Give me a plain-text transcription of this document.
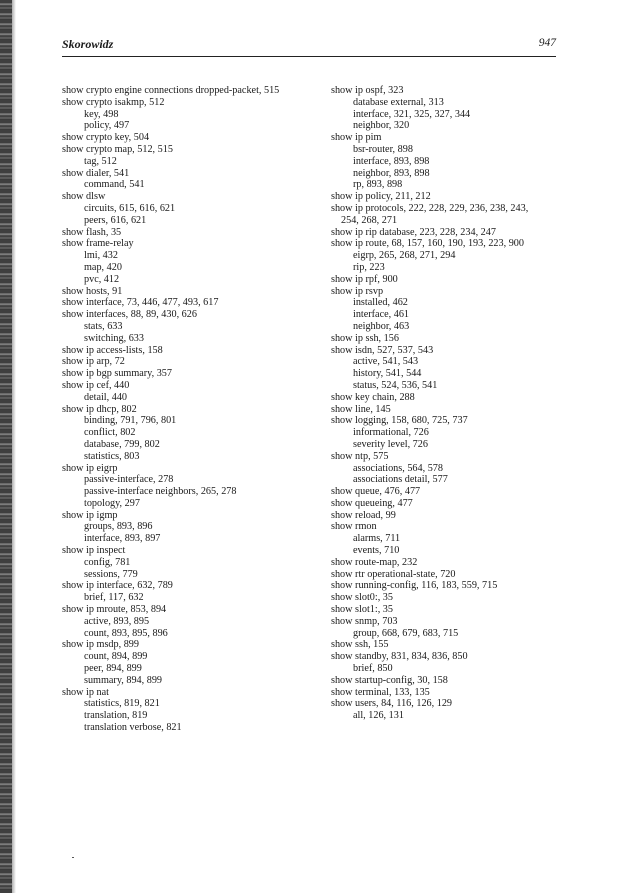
Skorowidz	947
show crypto engine connections dropped-packet, 515
show crypto isakmp, 512
key, 498
policy, 497
show crypto key, 504
show crypto map, 512, 515
tag, 512
show dialer, 541
command, 541
show dlsw
circuits, 615, 616, 621
peers, 616, 621
show flash, 35
show frame-relay
lmi, 432
map, 420
pvc, 412
show hosts, 91
show interface, 73, 446, 477, 493, 617
show interfaces, 88, 89, 430, 626
stats, 633
switching, 633
show ip access-lists, 158
show ip arp, 72
show ip bgp summary, 357
show ip cef, 440
detail, 440
show ip dhcp, 802
binding, 791, 796, 801
conflict, 802
database, 799, 802
statistics, 803
show ip eigrp
passive-interface, 278
passive-interface neighbors, 265, 278
topology, 297
show ip igmp
groups, 893, 896
interface, 893, 897
show ip inspect
config, 781
sessions, 779
show ip interface, 632, 789
brief, 117, 632
show ip mroute, 853, 894
active, 893, 895
count, 893, 895, 896
show ip msdp, 899
count, 894, 899
peer, 894, 899
summary, 894, 899
show ip nat
statistics, 819, 821
translation, 819
translation verbose, 821
show ip ospf, 323
database external, 313
interface, 321, 325, 327, 344
neighbor, 320
show ip pim
bsr-router, 898
interface, 893, 898
neighbor, 893, 898
rp, 893, 898
show ip policy, 211, 212
show ip protocols, 222, 228, 229, 236, 238, 243,
254, 268, 271
show ip rip database, 223, 228, 234, 247
show ip route, 68, 157, 160, 190, 193, 223, 900
eigrp, 265, 268, 271, 294
rip, 223
show ip rpf, 900
show ip rsvp
installed, 462
interface, 461
neighbor, 463
show ip ssh, 156
show isdn, 527, 537, 543
active, 541, 543
history, 541, 544
status, 524, 536, 541
show key chain, 288
show line, 145
show logging, 158, 680, 725, 737
informational, 726
severity level, 726
show ntp, 575
associations, 564, 578
associations detail, 577
show queue, 476, 477
show queueing, 477
show reload, 99
show rmon
alarms, 711
events, 710
show route-map, 232
show rtr operational-state, 720
show running-config, 116, 183, 559, 715
show slot0:, 35
show slot1:, 35
show snmp, 703
group, 668, 679, 683, 715
show ssh, 155
show standby, 831, 834, 836, 850
brief, 850
show startup-config, 30, 158
show terminal, 133, 135
show users, 84, 116, 126, 129
all, 126, 131
